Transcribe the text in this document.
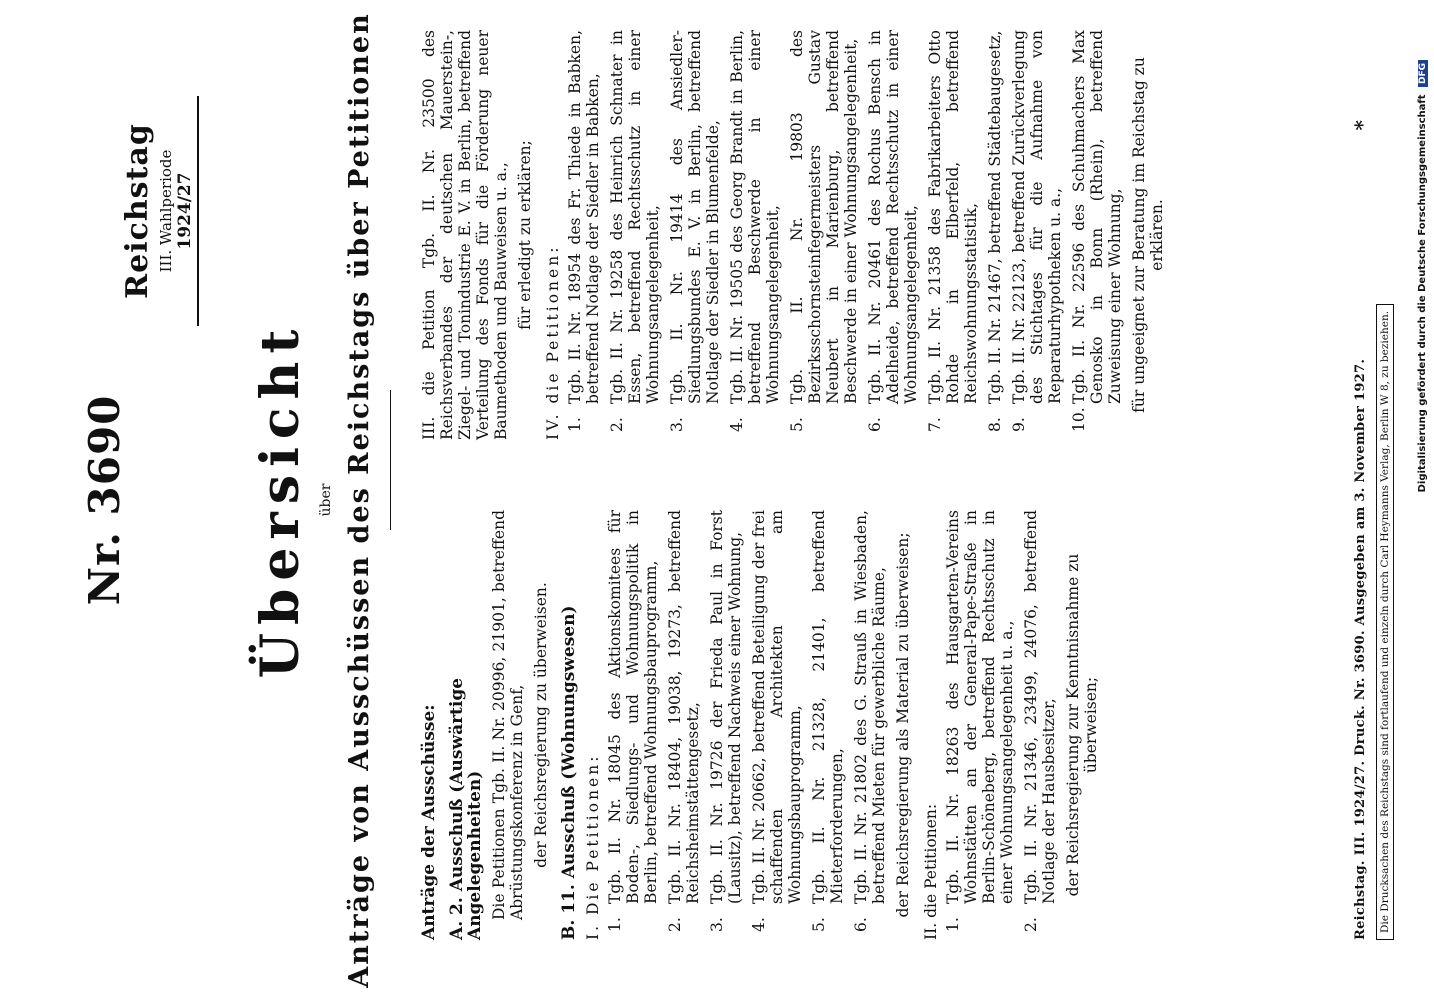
Reichstag III. Wahlperiode 1924/27
Nr. 3690 Übersicht über Anträge von Ausschüssen des Reichstags über Petitionen	Anträge der Ausschüsse: A. 2. Ausschuß (Auswärtige Angelegenheiten) Die Petitionen Tgb. II. Nr. 20996, 21901, betreffend Abrüstungskonferenz in Genf, der Reichsregierung zu überweisen. B. 11. Ausschuß (Wohnungswesen) I. Die Petitionen: 1.
Tgb. II. Nr. 18045 des Aktionskomitees für Boden-, Siedlungs- und Wohnungspolitik in Berlin, betreffend Wohnungsbauprogramm,
2.
Tgb. II. Nr. 18404, 19038, 19273, betreffend Reichsheimstättengesetz,
3.
Tgb. II. Nr. 19726 der Frieda Paul in Forst (Lausitz), betreffend Nachweis einer Wohnung,
4.
Tgb. II. Nr. 20662, betreffend Beteiligung der frei schaffenden Architekten am Wohnungsbauprogramm,
5.
Tgb. II. Nr. 21328, 21401, betreffend Mieterforderungen,
6.
Tgb. II. Nr. 21802 des G. Strauß in Wiesbaden, betreffend Mieten für gewerbliche Räume, der Reichsregierung als Material zu überweisen; II. die Petitionen: 1.
Tgb. II. Nr. 18263 des Hausgarten-Vereins Wohnstätten an der General-Pape-Straße in Berlin-Schöneberg, betreffend Rechtsschutz in einer Wohnungsangelegenheit u. a.,
2.
Tgb. II. Nr. 21346, 23499, 24076, betreffend Notlage der Hausbesitzer, der Reichsregierung zur Kenntnisnahme zu überweisen;

III. die Petition Tgb. II. Nr. 23500 des Reichsverbandes der deutschen Mauerstein-, Ziegel- und Tonindustrie E. V. in Berlin, betreffend Verteilung des Fonds für die Förderung neuer Baumethoden und Bauweisen u. a., für erledigt zu erklären;

IV. die Petitionen: 1.
Tgb. II. Nr. 18954 des Fr. Thiede in Babken, betreffend Notlage der Siedler in Babken,
2.
Tgb. II. Nr. 19258 des Heinrich Schnater in Essen, betreffend Rechtsschutz in einer Wohnungsangelegenheit,
3.
Tgb. II. Nr. 19414 des Ansiedler-Siedlungsbundes E. V. in Berlin, betreffend Notlage der Siedler in Blumenfelde,
4.
Tgb. II. Nr. 19505 des Georg Brandt in Berlin, betreffend Beschwerde in einer Wohnungsangelegenheit,
5.
Tgb. II. Nr. 19803 des Bezirksschornsteinfegermeisters Gustav Neubert in Marienburg, betreffend Beschwerde in einer Wohnungsangelegenheit,
6.
Tgb. II. Nr. 20461 des Rochus Bensch in Adelheide, betreffend Rechtsschutz in einer Wohnungsangelegenheit,
7.
Tgb. II. Nr. 21358 des Fabrikarbeiters Otto Rohde in Elberfeld, betreffend Reichswohnungsstatistik,
8.
Tgb. II. Nr. 21467, betreffend Städtebaugesetz,
9.
Tgb. II. Nr. 22123, betreffend Zurückverlegung des Stichtages für die Aufnahme von Reparaturhypotheken u. a.,
10.
Tgb. II. Nr. 22596 des Schuhmachers Max Genosko in Bonn (Rhein), betreffend Zuweisung einer Wohnung, für ungeeignet zur Beratung im Reichstag zu erklären.

*
Reichstag. III. 1924/27. Druck. Nr. 3690. Ausgegeben am 3. November 1927. Die Drucksachen des Reichstags sind fortlaufend und einzeln durch Carl Heymanns Verlag, Berlin W 8, zu beziehen.
Digitalisierung gefördert durch die Deutsche Forschungsgemeinschaft DFG
